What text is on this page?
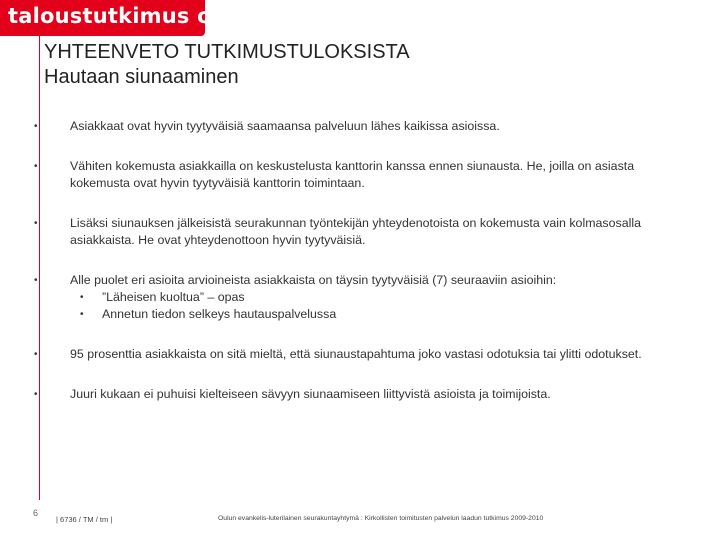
taloustutkimus oy
YHTEENVETO TUTKIMUSTULOKSISTA
Hautaan siunaaminen
•	Asiakkaat ovat hyvin tyytyväisiä saamaansa palveluun lähes kaikissa asioissa.
•	Vähiten kokemusta asiakkailla on keskustelusta kanttorin kanssa ennen siunausta. He, joilla on asiasta kokemusta ovat hyvin tyytyväisiä kanttorin toimintaan.
•	Lisäksi siunauksen jälkeisistä seurakunnan työntekijän yhteydenotoista on kokemusta vain kolmasosalla asiakkaista. He ovat yhteydenottoon hyvin tyytyväisiä.
•	Alle puolet eri asioita arvioineista asiakkaista on täysin tyytyväisiä (7) seuraaviin asioihin:
• ”Läheisen kuoltua” – opas
• Annetun tiedon selkeys hautauspalvelussa
•	95 prosenttia asiakkaista on sitä mieltä, että siunaustapahtuma joko vastasi odotuksia tai ylitti odotukset.
•	Juuri kukaan ei puhuisi kielteiseen sävyyn siunaamiseen liittyvistä asioista ja toimijoista.
6
| 6736 / TM / tm |	Oulun evankelis-luterilainen seurakuntayhtymä : Kirkollisten toimitusten palvelun laadun tutkimus 2009-2010
